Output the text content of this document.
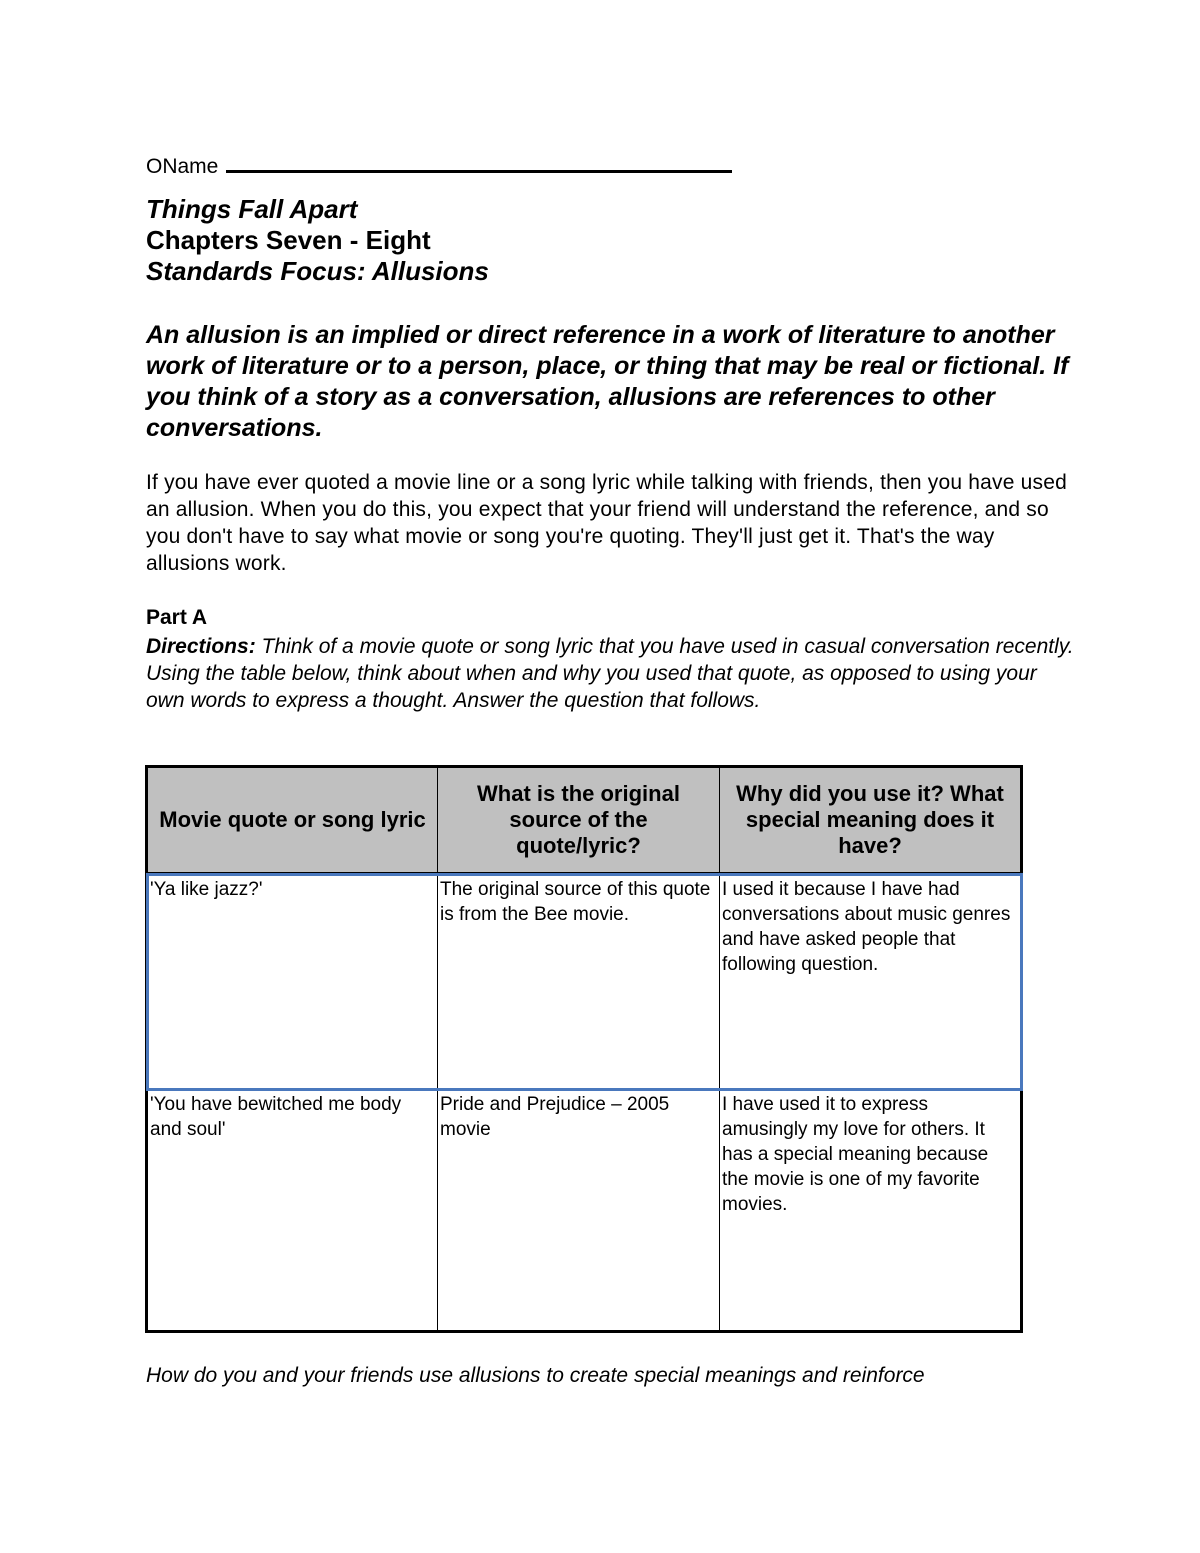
OName
Things Fall Apart
Chapters Seven - Eight
Standards Focus: Allusions
An allusion is an implied or direct reference in a work of literature to another work of literature or to a person, place, or thing that may be real or fictional. If you think of a story as a conversation, allusions are references to other conversations.
If you have ever quoted a movie line or a song lyric while talking with friends, then you have used an allusion. When you do this, you expect that your friend will understand the reference, and so you don't have to say what movie or song you're quoting. They'll just get it. That's the way allusions work.
Part A
Directions: Think of a movie quote or song lyric that you have used in casual conversation recently. Using the table below, think about when and why you used that quote, as opposed to using your own words to express a thought. Answer the question that follows.
Movie quote or song lyric	What is the original source of the quote/lyric?	Why did you use it? What special meaning does it have?
'Ya like jazz?'	The original source of this quote is from the Bee movie.	I used it because I have had conversations about music genres and have asked people that following question.
'You have bewitched me body and soul'	Pride and Prejudice – 2005 movie	I have used it to express amusingly my love for others. It has a special meaning because the movie is one of my favorite movies.
How do you and your friends use allusions to create special meanings and reinforce
